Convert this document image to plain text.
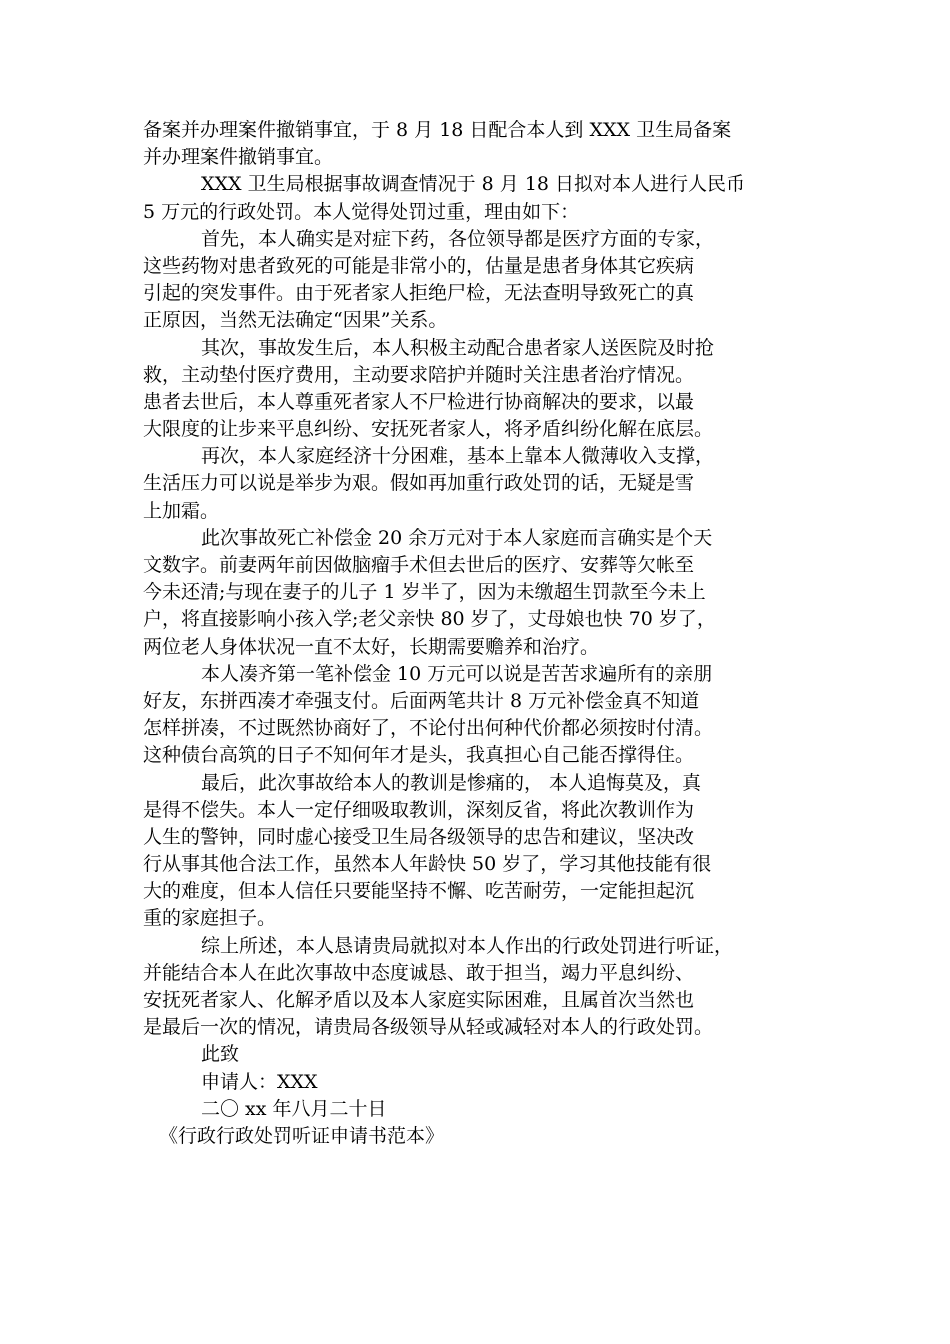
备案并办理案件撤销事宜，于 8 月 18 日配合本人到 XXX 卫生局备案
并办理案件撤销事宜。
XXX 卫生局根据事故调查情况于 8 月 18 日拟对本人进行人民币
5 万元的行政处罚。本人觉得处罚过重，理由如下：
首先，本人确实是对症下药，各位领导都是医疗方面的专家，
这些药物对患者致死的可能是非常小的，估量是患者身体其它疾病
引起的突发事件。由于死者家人拒绝尸检，无法查明导致死亡的真
正原因，当然无法确定“因果”关系。
其次，事故发生后，本人积极主动配合患者家人送医院及时抢
救，主动垫付医疗费用，主动要求陪护并随时关注患者治疗情况。
患者去世后，本人尊重死者家人不尸检进行协商解决的要求，以最
大限度的让步来平息纠纷、安抚死者家人，将矛盾纠纷化解在底层。
再次，本人家庭经济十分困难，基本上靠本人微薄收入支撑，
生活压力可以说是举步为艰。假如再加重行政处罚的话，无疑是雪
上加霜。
此次事故死亡补偿金 20 余万元对于本人家庭而言确实是个天
文数字。前妻两年前因做脑瘤手术但去世后的医疗、安葬等欠帐至
今未还清;与现在妻子的儿子 1 岁半了，因为未缴超生罚款至今未上
户，将直接影响小孩入学;老父亲快 80 岁了，丈母娘也快 70 岁了，
两位老人身体状况一直不太好，长期需要赡养和治疗。
本人凑齐第一笔补偿金 10 万元可以说是苦苦求遍所有的亲朋
好友，东拼西凑才牵强支付。后面两笔共计 8 万元补偿金真不知道
怎样拼凑，不过既然协商好了，不论付出何种代价都必须按时付清。
这种债台高筑的日子不知何年才是头，我真担心自己能否撑得住。
最后，此次事故给本人的教训是惨痛的， 本人追悔莫及，真
是得不偿失。本人一定仔细吸取教训，深刻反省，将此次教训作为
人生的警钟，同时虚心接受卫生局各级领导的忠告和建议，坚决改
行从事其他合法工作，虽然本人年龄快 50 岁了，学习其他技能有很
大的难度，但本人信任只要能坚持不懈、吃苦耐劳，一定能担起沉
重的家庭担子。
综上所述，本人恳请贵局就拟对本人作出的行政处罚进行听证，
并能结合本人在此次事故中态度诚恳、敢于担当，竭力平息纠纷、
安抚死者家人、化解矛盾以及本人家庭实际困难，且属首次当然也
是最后一次的情况，请贵局各级领导从轻或减轻对本人的行政处罚。
此致
申请人：XXX
二〇 xx 年八月二十日
《行政行政处罚听证申请书范本》
